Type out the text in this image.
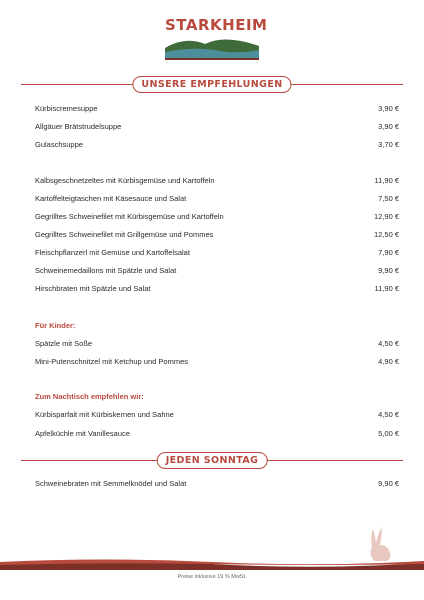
STARKHEIM
UNSERE EMPFEHLUNGEN
Kürbiscremesuppe	3,90 €
Allgäuer Brätstrudelsuppe	3,90 €
Gulaschsuppe	3,70 €
Kalbsgeschnetzeltes mit Kürbisgemüse und Kartoffeln	11,90 €
Kartoffelteigtaschen mit Käsesauce und Salat	7,50 €
Gegrilltes Schweinefilet mit Kürbisgemüse und Kartoffeln	12,90 €
Gegrilltes Schweinefilet mit Grillgemüse und Pommes	12,50 €
Fleischpflanzerl mit Gemüse und Kartoffelsalat	7,90 €
Schweinemedaillons mit Spätzle und Salat	9,90 €
Hirschbraten mit Spätzle und Salat	11,90 €
Für Kinder:
Spätzle mit Soße	4,50 €
Mini-Putenschnitzel mit Ketchup und Pommes	4,90 €
Zum Nachtisch empfehlen wir:
Kürbisparfait mit Kürbiskernen und Sahne	4,50 €
Apfelküchle mit Vanillesauce	5,00 €
JEDEN SONNTAG
Schweinebraten mit Semmelknödel und Salat	9,90 €
Preise inklusive 19 % MwSt.
